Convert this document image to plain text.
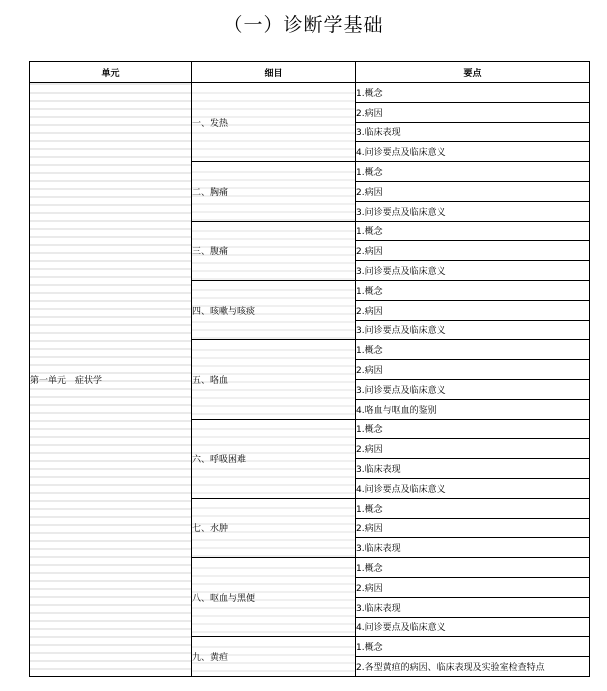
（一）诊断学基础
单元	细目	要点
第一单元　症状学	一、发热	1.概念
		2.病因
		3.临床表现
		4.问诊要点及临床意义
	二、胸痛	1.概念
		2.病因
		3.问诊要点及临床意义
	三、腹痛	1.概念
		2.病因
		3.问诊要点及临床意义
	四、咳嗽与咳痰	1.概念
		2.病因
		3.问诊要点及临床意义
	五、咯血	1.概念
		2.病因
		3.问诊要点及临床意义
		4.咯血与呕血的鉴别
	六、呼吸困难	1.概念
		2.病因
		3.临床表现
		4.问诊要点及临床意义
	七、水肿	1.概念
		2.病因
		3.临床表现
	八、呕血与黑便	1.概念
		2.病因
		3.临床表现
		4.问诊要点及临床意义
	九、黄疸	1.概念
		2.各型黄疸的病因、临床表现及实验室检查特点
